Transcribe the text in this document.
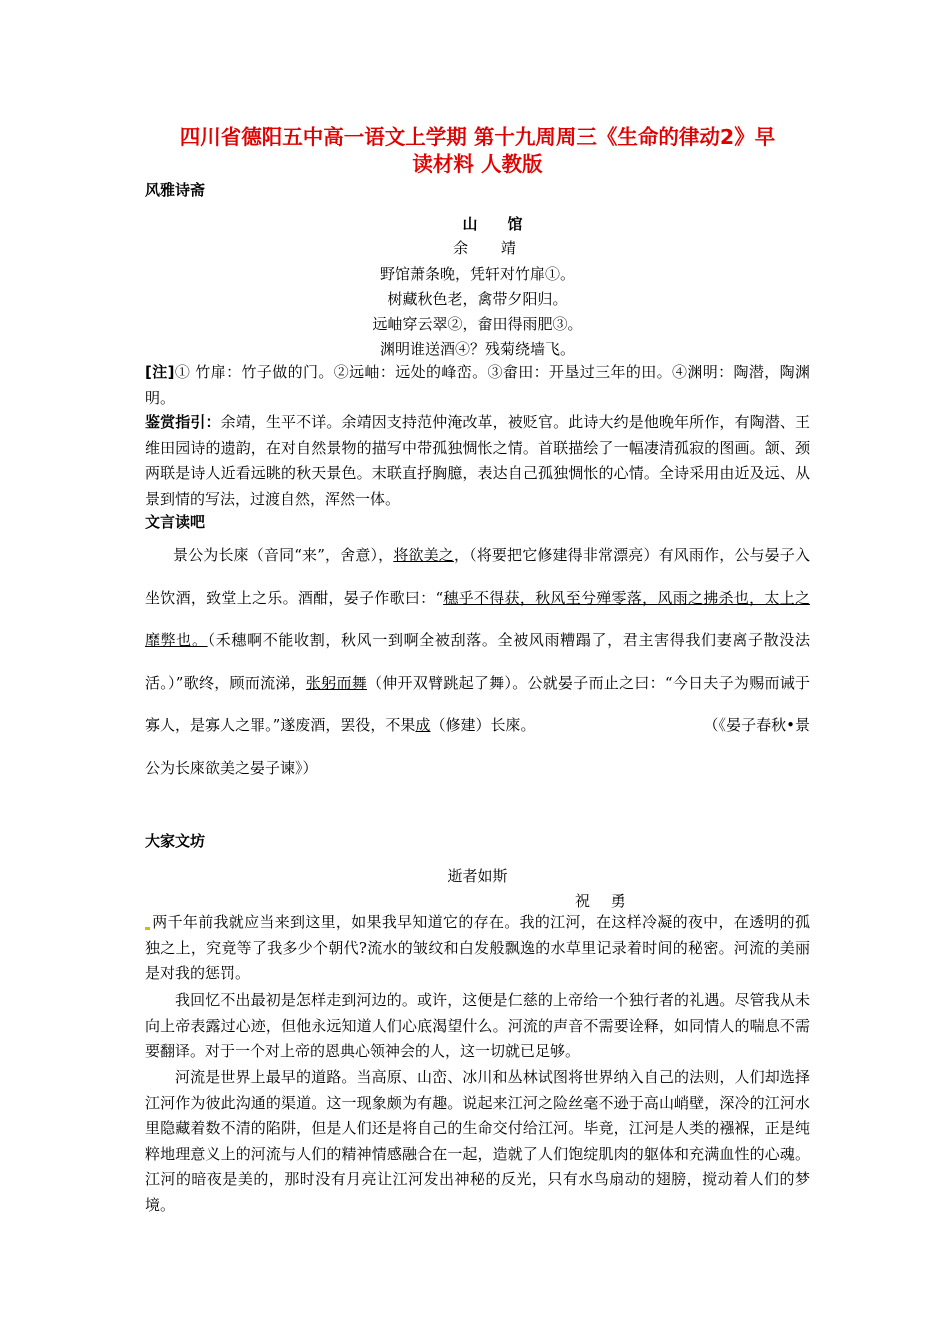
四川省德阳五中高一语文上学期 第十九周周三《生命的律动2》早
读材料 人教版
风雅诗斋
山馆
余 靖
野馆萧条晚，凭轩对竹扉①。
树藏秋色老，禽带夕阳归。
远岫穿云翠②，畲田得雨肥③。
渊明谁送酒④？残菊绕墙飞。
[注]① 竹扉：竹子做的门。②远岫：远处的峰峦。③畲田：开垦过三年的田。④渊明：陶潜，陶渊明。
鉴赏指引：余靖，生平不详。余靖因支持范仲淹改革，被贬官。此诗大约是他晚年所作，有陶潜、王维田园诗的遗韵，在对自然景物的描写中带孤独惆怅之情。首联描绘了一幅凄清孤寂的图画。颔、颈两联是诗人近看远眺的秋天景色。末联直抒胸臆，表达自己孤独惆怅的心情。全诗采用由近及远、从景到情的写法，过渡自然，浑然一体。
文言读吧
景公为长庲（音同“来”，舍意），将欲美之，（将要把它修建得非常漂亮）有风雨作，公与晏子入坐饮酒，致堂上之乐。酒酣，晏子作歌曰：“穗乎不得获，秋风至兮殚零落，风雨之拂杀也，太上之靡弊也。（禾穗啊不能收割，秋风一到啊全被刮落。全被风雨糟蹋了，君主害得我们妻离子散没法活。）”歌终，顾而流涕，张躬而舞（伸开双臂跳起了舞）。公就晏子而止之曰：“今日夫子为赐而诫于寡人，是寡人之罪。”遂废酒，罢役，不果成（修建）长庲。	（《晏子春秋•景公为长庲欲美之晏子谏》）
大家文坊
逝者如斯
祝 勇
两千年前我就应当来到这里，如果我早知道它的存在。我的江河，在这样冷凝的夜中，在透明的孤独之上，究竟等了我多少个朝代?流水的皱纹和白发般飘逸的水草里记录着时间的秘密。河流的美丽是对我的惩罚。
我回忆不出最初是怎样走到河边的。或许，这便是仁慈的上帝给一个独行者的礼遇。尽管我从未向上帝表露过心迹，但他永远知道人们心底渴望什么。河流的声音不需要诠释，如同情人的喘息不需要翻译。对于一个对上帝的恩典心领神会的人，这一切就已足够。
河流是世界上最早的道路。当高原、山峦、冰川和丛林试图将世界纳入自己的法则，人们却选择江河作为彼此沟通的渠道。这一现象颇为有趣。说起来江河之险丝毫不逊于高山峭壁，深冷的江河水里隐藏着数不清的陷阱，但是人们还是将自己的生命交付给江河。毕竟，江河是人类的襁褓，正是纯粹地理意义上的河流与人们的精神情感融合在一起，造就了人们饱绽肌肉的躯体和充满血性的心魂。江河的暗夜是美的，那时没有月亮让江河发出神秘的反光，只有水鸟扇动的翅膀，搅动着人们的梦境。
